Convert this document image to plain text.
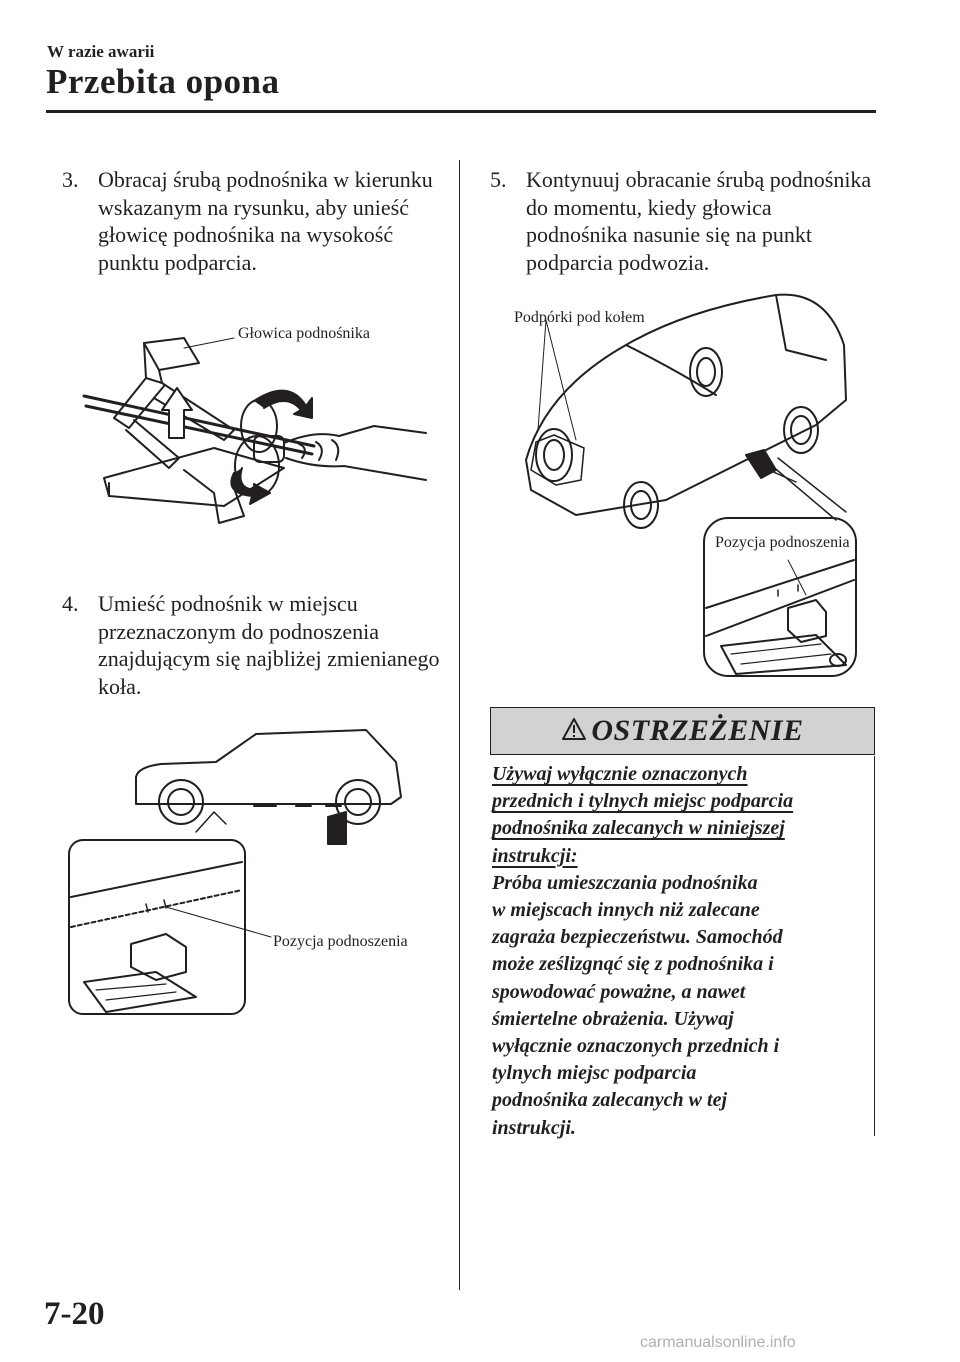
W razie awarii
Przebita opona
3. Obracaj śrubą podnośnika w kierunku
wskazanym na rysunku, aby unieść
głowicę podnośnika na wysokość
punktu podparcia.
Głowica podnośnika
4. Umieść podnośnik w miejscu
przeznaczonym do podnoszenia
znajdującym się najbliżej zmienianego
koła.
Pozycja podnoszenia
5. Kontynuuj obracanie śrubą podnośnika
do momentu, kiedy głowica
podnośnika nasunie się na punkt
podparcia podwozia.
Podpórki pod kołem
Pozycja podnoszenia
OSTRZEŻENIE
Używaj wyłącznie oznaczonych
przednich i tylnych miejsc podparcia
podnośnika zalecanych w niniejszej
instrukcji:
Próba umieszczania podnośnika
w miejscach innych niż zalecane
zagraża bezpieczeństwu. Samochód
może ześlizgnąć się z podnośnika i
spowodować poważne, a nawet
śmiertelne obrażenia. Używaj
wyłącznie oznaczonych przednich i
tylnych miejsc podparcia
podnośnika zalecanych w tej
instrukcji.
7-20
carmanualsonline.info
